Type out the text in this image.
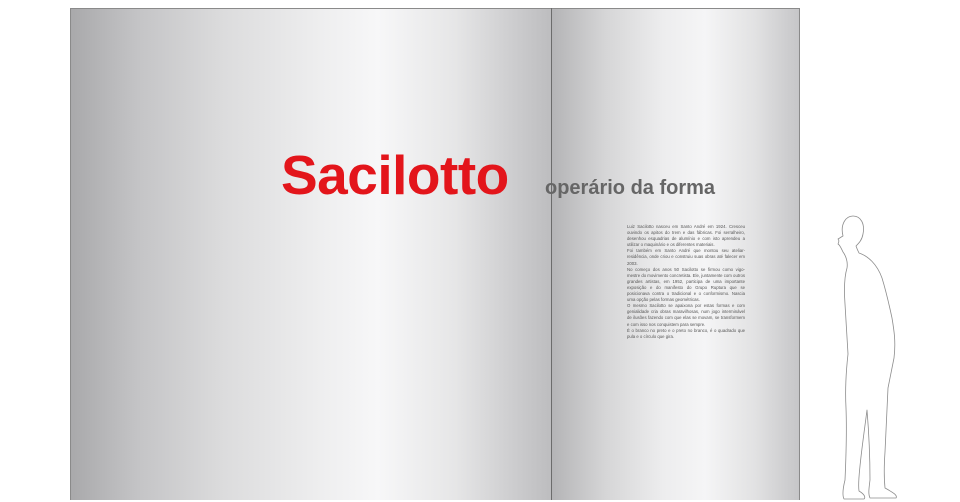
Sacilotto operário da forma

Luiz Sacilotto nasceu em Santo André em 1924. Cresceu ouvindo os apitos do trem e das fábricas. Foi serralheiro, desenhou esquadrias de alumínio e com isto aprendeu a utilizar o maquinário e os diferentes materiais.

Foi também em Santo André que montou seu ateliar-residência, onde criou e construiu suas obras até falecer em 2003.

No começo dos anos 50 Sacilotto se firmou como vigo-mestre do movimento concretista. Ele, juntamente com outros grandes artistas, em 1952, participa de uma importante exposição e do manifesto do Grupo Ruptura que se posicionava contra o tradicional e o conformismo. Nascia uma opção pelas formas geométricas.

O mesmo Sacilotto se apaixona por estas formas e com genialidade cria obras maravilhosas, num jogo interminável de ilusões fazendo com que elas se movam, se transformem e com isso nos conquistem para sempre.

É o branco no preto e o preto no branco, é o quadrado que pula e o círculo que gira.
